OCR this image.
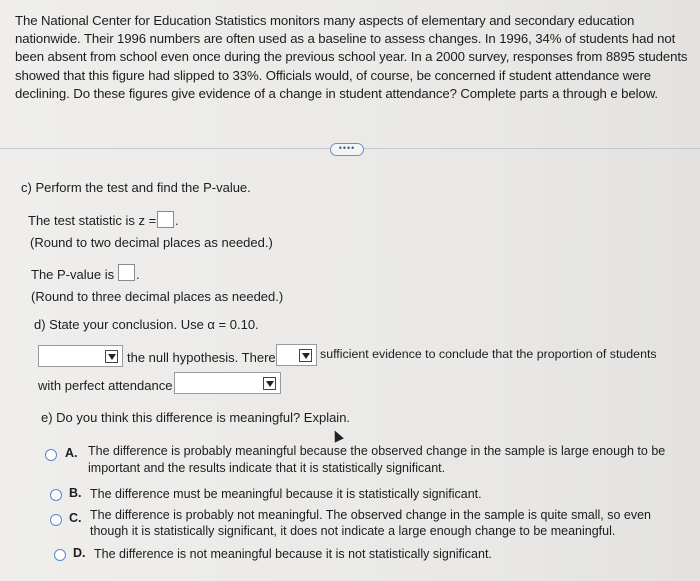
The National Center for Education Statistics monitors many aspects of elementary and secondary education nationwide. Their 1996 numbers are often used as a baseline to assess changes. In 1996, 34% of students had not been absent from school even once during the previous school year. In a 2000 survey, responses from 8895 students showed that this figure had slipped to 33%. Officials would, of course, be concerned if student attendance were declining. Do these figures give evidence of a change in student attendance? Complete parts a through e below.
••••
c) Perform the test and find the P-value.
The test statistic is z = .
(Round to two decimal places as needed.)
The P-value is .
(Round to three decimal places as needed.)
d) State your conclusion. Use α = 0.10.
the null hypothesis. There	sufficient evidence to conclude that the proportion of students
with perfect attendance
e) Do you think this difference is meaningful? Explain.
A. The difference is probably meaningful because the observed change in the sample is large enough to be
important and the results indicate that it is statistically significant.
B. The difference must be meaningful because it is statistically significant.
C. The difference is probably not meaningful. The observed change in the sample is quite small, so even
though it is statistically significant, it does not indicate a large enough change to be meaningful.
D. The difference is not meaningful because it is not statistically significant.
